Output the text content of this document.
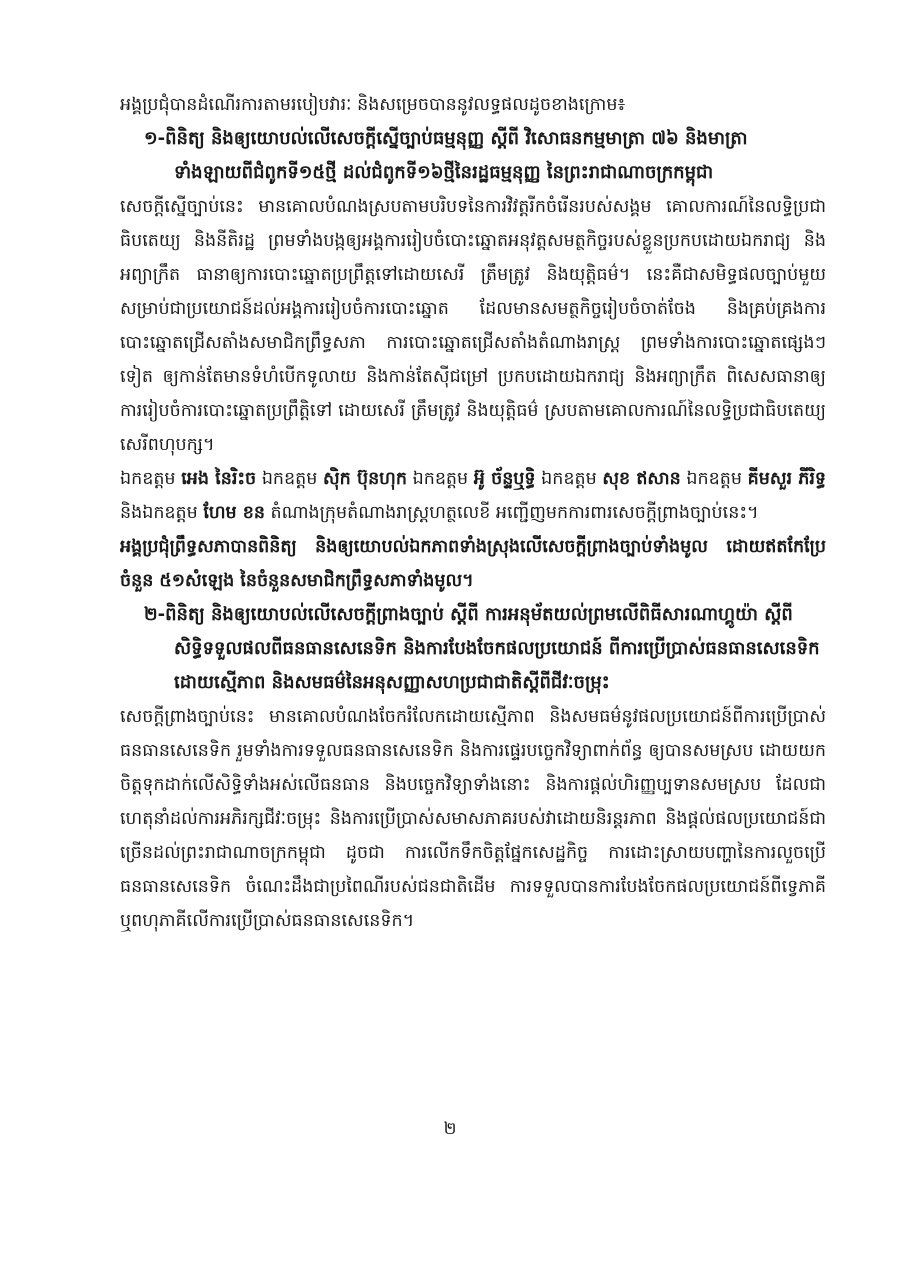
អង្គប្រជុំបានដំណើរការតាមរបៀបវារៈ និងសម្រេចបាននូវលទ្ធផលដូចខាងក្រោម៖

១-ពិនិត្យ និងឲ្យយោបល់លើសេចក្ដីស្នើច្បាប់ធម្មនុញ្ញ ស្ដីពី វិសោធនកម្មមាត្រា ៧៦ និងមាត្រាទាំងឡាយពីជំពូកទី១៥ថ្មី ដល់ជំពូកទី១៦ថ្មីនៃរដ្ឋធម្មនុញ្ញ នៃព្រះរាជាណាចក្រកម្ពុជា

សេចក្ដីស្នើច្បាប់នេះ មានគោលបំណងស្របតាមបរិបទនៃការវិវត្តរីកចំរើនរបស់សង្គម គោលការណ៍នៃលទ្ធិប្រជាធិបតេយ្យ និងនីតិរដ្ឋ ព្រមទាំងបង្កឲ្យអង្គការរៀបចំបោះឆ្នោតអនុវត្តសមត្ថកិច្ចរបស់ខ្លួនប្រកបដោយឯករាជ្យ និងអព្យាក្រឹត ធានាឲ្យការបោះឆ្នោតប្រព្រឹត្តទៅដោយសេរី ត្រឹមត្រូវ និងយុត្តិធម៌។ នេះគឺជាសមិទ្ធផលច្បាប់មួយសម្រាប់ជាប្រយោជន៍ដល់អង្គការរៀបចំការបោះឆ្នោត ដែលមានសមត្ថកិច្ចរៀបចំចាត់ចែង និងគ្រប់គ្រងការបោះឆ្នោតជ្រើសតាំងសមាជិកព្រឹទ្ធសភា ការបោះឆ្នោតជ្រើសតាំងតំណាងរាស្ត្រ ព្រមទាំងការបោះឆ្នោតផ្សេងៗទៀត ឲ្យកាន់តែមានទំហំបើកទូលាយ និងកាន់តែស៊ីជម្រៅ ប្រកបដោយឯករាជ្យ និងអព្យាក្រឹត ពិសេសធានាឲ្យការរៀបចំការបោះឆ្នោតប្រព្រឹត្តិទៅ ដោយសេរី ត្រឹមត្រូវ និងយុត្តិធម៌ ស្របតាមគោលការណ៍នៃលទ្ធិប្រជាធិបតេយ្យសេរីពហុបក្ស។

ឯកឧត្តម អេង នៃរិះច ឯកឧត្តម ស៊ិក ប៊ុនហុក ឯកឧត្តម អ៊ូ ច័ន្ទឬទ្ធិ ឯកឧត្តម សុខ ឥសាន ឯកឧត្តម គីមសួរ ភីរិទ្ធ និងឯកឧត្តម ហែម ខន តំណាងក្រុមតំណាងរាស្ត្រហត្ថលេខី អញ្ជើញមកការពារសេចក្ដីព្រាងច្បាប់នេះ។

អង្គប្រជុំព្រឹទ្ធសភាបានពិនិត្យ និងឲ្យយោបល់ឯកភាពទាំងស្រុងលើសេចក្ដីព្រាងច្បាប់ទាំងមូល ដោយឥតកែប្រែចំនួន ៥១សំឡេង នៃចំនួនសមាជិកព្រឹទ្ធសភាទាំងមូល។

២-ពិនិត្យ និងឲ្យយោបល់លើសេចក្ដីព្រាងច្បាប់ ស្ដីពី ការអនុម័តយល់ព្រមលើពិធីសារណាហ្គូយ៉ា ស្ដីពី សិទ្ធិទទួលផលពីធនធានសេនេទិក និងការបែងចែកផលប្រយោជន៍ ពីការប្រើប្រាស់ធនធានសេនេទិកដោយស្មើភាព និងសមធម៌នៃអនុសញ្ញាសហប្រជាជាតិស្ដីពីជីវៈចម្រុះ

សេចក្ដីព្រាងច្បាប់នេះ មានគោលបំណងចែករំលែកដោយស្មើភាព និងសមធម៌នូវផលប្រយោជន៍ពីការប្រើប្រាស់ធនធានសេនេទិក រួមទាំងការទទួលធនធានសេនេទិក និងការផ្ទេរបច្ចេកវិទ្យាពាក់ព័ន្ធ ឲ្យបានសមស្រប ដោយយកចិត្តទុកដាក់លើសិទ្ធិទាំងអស់លើធនធាន និងបច្ចេកវិទ្យាទាំងនោះ និងការផ្ដល់ហិរញ្ញប្បទានសមស្រប ដែលជាហេតុនាំដល់ការអភិរក្សជីវៈចម្រុះ និងការប្រើប្រាស់សមាសភាគរបស់វាដោយនិរន្តរភាព និងផ្ដល់ផលប្រយោជន៍ជាច្រើនដល់ព្រះរាជាណាចក្រកម្ពុជា ដូចជា ការលើកទឹកចិត្តផ្នែកសេដ្ឋកិច្ច ការដោះស្រាយបញ្ហានៃការលួចប្រើធនធានសេនេទិក ចំណេះដឹងជាប្រពៃណីរបស់ជនជាតិដើម ការទទួលបានការបែងចែកផលប្រយោជន៍ពីទ្វេភាគី ឬពហុភាគីលើការប្រើប្រាស់ធនធានសេនេទិក។

២
